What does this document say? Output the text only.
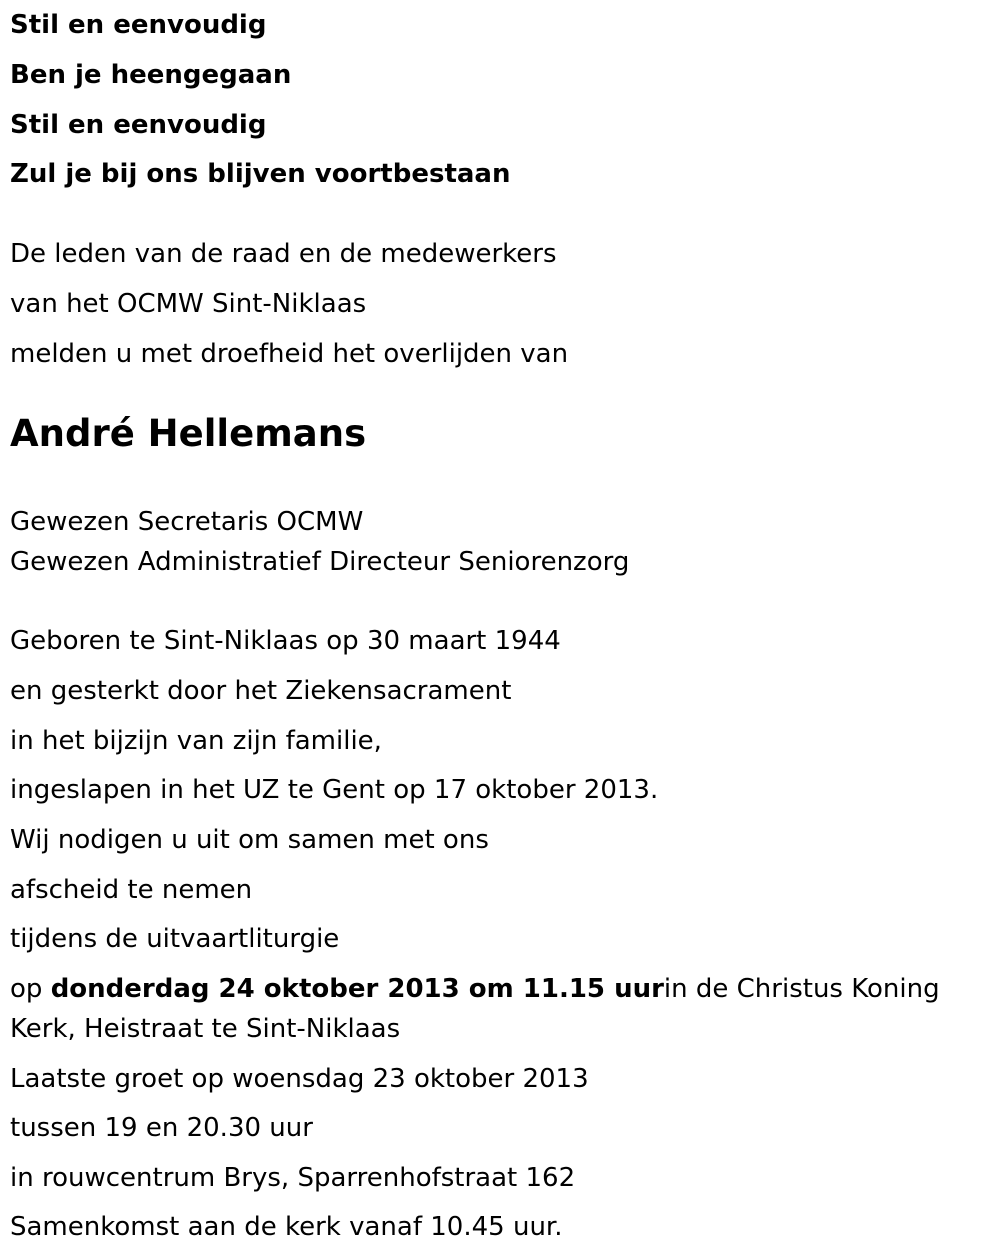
Stil en eenvoudig
Ben je heengegaan
Stil en eenvoudig
Zul je bij ons blijven voortbestaan
De leden van de raad en de medewerkers
van het OCMW Sint-Niklaas
melden u met droefheid het overlijden van
André Hellemans
Gewezen Secretaris OCMW
Gewezen Administratief Directeur Seniorenzorg
Geboren te Sint-Niklaas op 30 maart 1944
en gesterkt door het Ziekensacrament
in het bijzijn van zijn familie,
ingeslapen in het UZ te Gent op 17 oktober 2013.
Wij nodigen u uit om samen met ons
afscheid te nemen
tijdens de uitvaartliturgie
op donderdag 24 oktober 2013 om 11.15 uurin de Christus Koning Kerk, Heistraat te Sint-Niklaas
Laatste groet op woensdag 23 oktober 2013
tussen 19 en 20.30 uur
in rouwcentrum Brys, Sparrenhofstraat 162
Samenkomst aan de kerk vanaf 10.45 uur.
